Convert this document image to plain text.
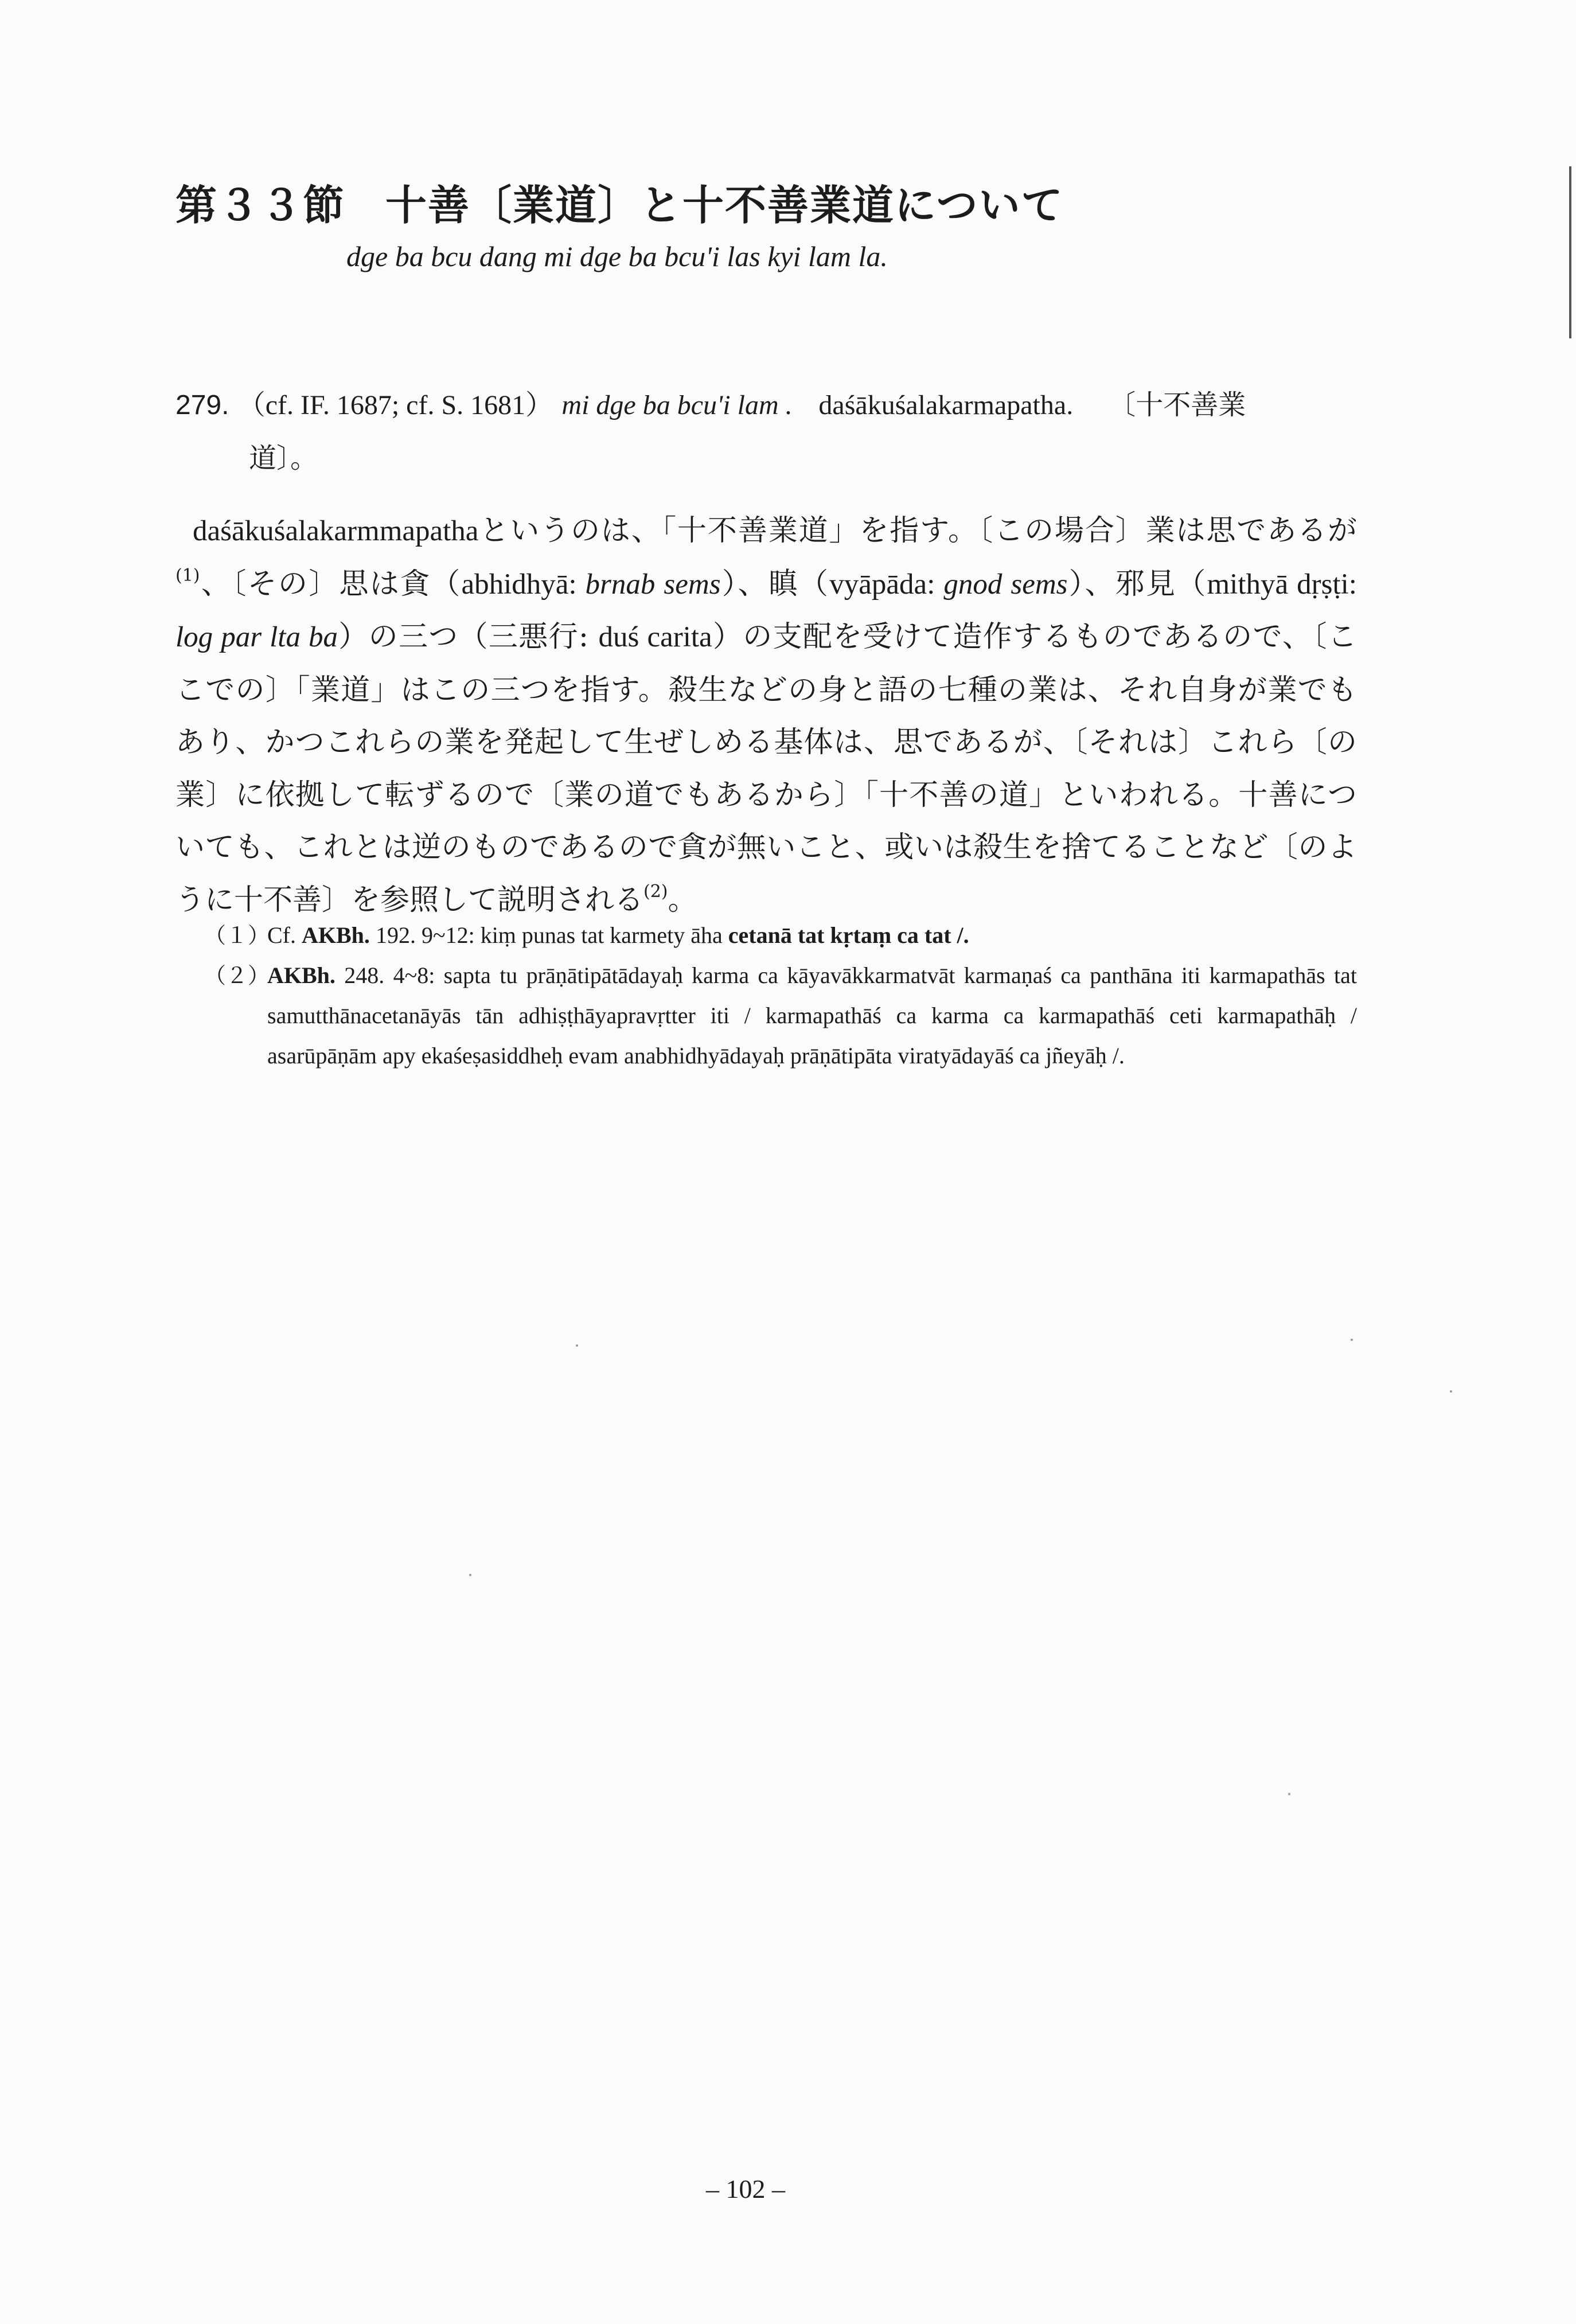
第３３節 十善〔業道〕と十不善業道について
dge ba bcu dang mi dge ba bcu'i las kyi lam la.
279. （cf. IF. 1687; cf. S. 1681） mi dge ba bcu'i lam . daśākuśalakarmapatha. 〔十不善業
道〕。

daśākuśalakarmmapathaというのは、「十不善業道」を指す。〔この場合〕業は思であるが$^{(1)}$、〔その〕思は貪（abhidhyā: brnab sems）、瞋（vyāpāda: gnod sems）、邪見（mithyā dṛṣṭi: log par lta ba）の三つ（三悪行: duś carita）の支配を受けて造作するものであるので、〔ここでの〕「業道」はこの三つを指す。殺生などの身と語の七種の業は、それ自身が業でもあり、かつこれらの業を発起して生ぜしめる基体は、思であるが、〔それは〕これら〔の業〕に依拠して転ずるので〔業の道でもあるから〕「十不善の道」といわれる。十善についても、これとは逆のものであるので貪が無いこと、或いは殺生を捨てることなど〔のように十不善〕を参照して説明される$^{(2)}$。

（１）
Cf. AKBh. 192. 9~12: kiṃ punas tat karmety āha cetanā tat kṛtaṃ ca tat /.
（２）
AKBh. 248. 4~8: sapta tu prāṇātipātādayaḥ karma ca kāyavākkarmatvāt karmaṇaś ca panthāna iti karmapathās tat samutthānacetanāyās tān adhiṣṭhāyapravṛtter iti / karmapathāś ca karma ca karmapathāś ceti karmapathāḥ / asarūpāṇām apy ekaśeṣasiddheḥ evam anabhidhyādayaḥ prāṇātipāta viratyādayāś ca jñeyāḥ /.
– 102 –
